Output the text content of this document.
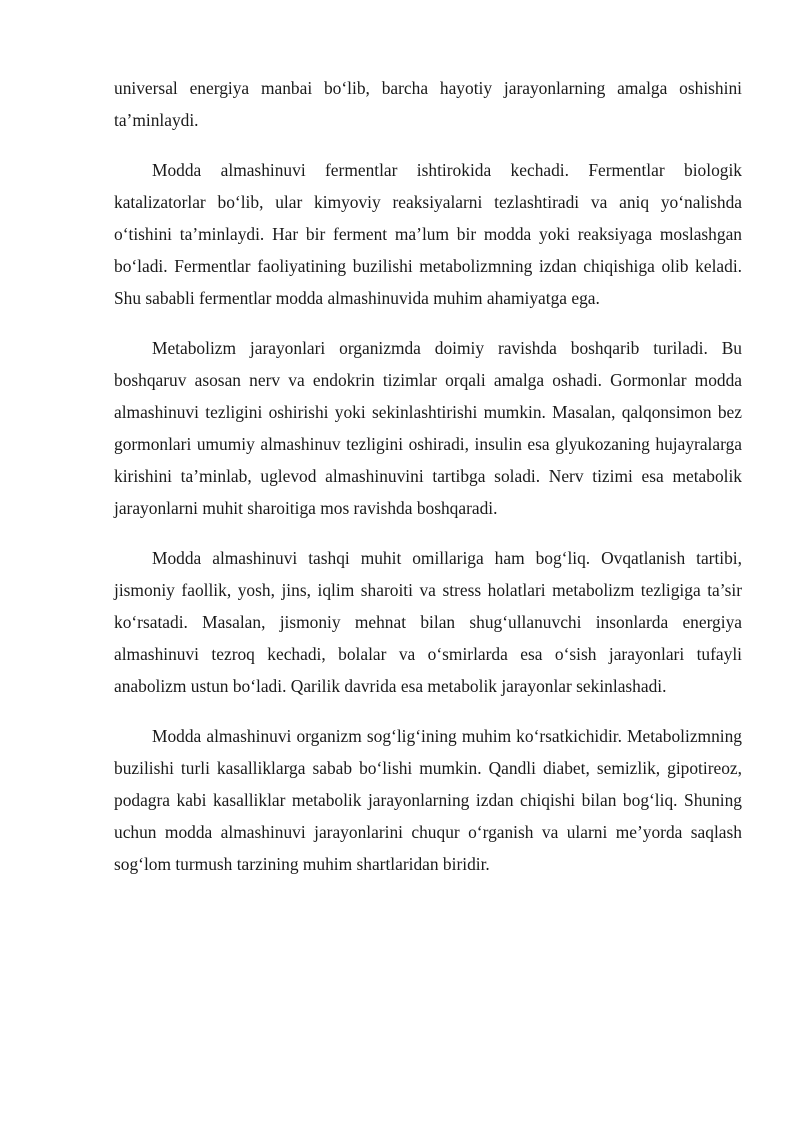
universal energiya manbai bo‘lib, barcha hayotiy jarayonlarning amalga oshishini ta’minlaydi.

Modda almashinuvi fermentlar ishtirokida kechadi. Fermentlar biologik katalizatorlar bo‘lib, ular kimyoviy reaksiyalarni tezlashtiradi va aniq yo‘nalishda o‘tishini ta’minlaydi. Har bir ferment ma’lum bir modda yoki reaksiyaga moslashgan bo‘ladi. Fermentlar faoliyatining buzilishi metabolizmning izdan chiqishiga olib keladi. Shu sababli fermentlar modda almashinuvida muhim ahamiyatga ega.

Metabolizm jarayonlari organizmda doimiy ravishda boshqarib turiladi. Bu boshqaruv asosan nerv va endokrin tizimlar orqali amalga oshadi. Gormonlar modda almashinuvi tezligini oshirishi yoki sekinlashtirishi mumkin. Masalan, qalqonsimon bez gormonlari umumiy almashinuv tezligini oshiradi, insulin esa glyukozaning hujayralarga kirishini ta’minlab, uglevod almashinuvini tartibga soladi. Nerv tizimi esa metabolik jarayonlarni muhit sharoitiga mos ravishda boshqaradi.

Modda almashinuvi tashqi muhit omillariga ham bog‘liq. Ovqatlanish tartibi, jismoniy faollik, yosh, jins, iqlim sharoiti va stress holatlari metabolizm tezligiga ta’sir ko‘rsatadi. Masalan, jismoniy mehnat bilan shug‘ullanuvchi insonlarda energiya almashinuvi tezroq kechadi, bolalar va o‘smirlarda esa o‘sish jarayonlari tufayli anabolizm ustun bo‘ladi. Qarilik davrida esa metabolik jarayonlar sekinlashadi.

Modda almashinuvi organizm sog‘lig‘ining muhim ko‘rsatkichidir. Metabolizmning buzilishi turli kasalliklarga sabab bo‘lishi mumkin. Qandli diabet, semizlik, gipotireoz, podagra kabi kasalliklar metabolik jarayonlarning izdan chiqishi bilan bog‘liq. Shuning uchun modda almashinuvi jarayonlarini chuqur o‘rganish va ularni me’yorda saqlash sog‘lom turmush tarzining muhim shartlaridan biridir.
